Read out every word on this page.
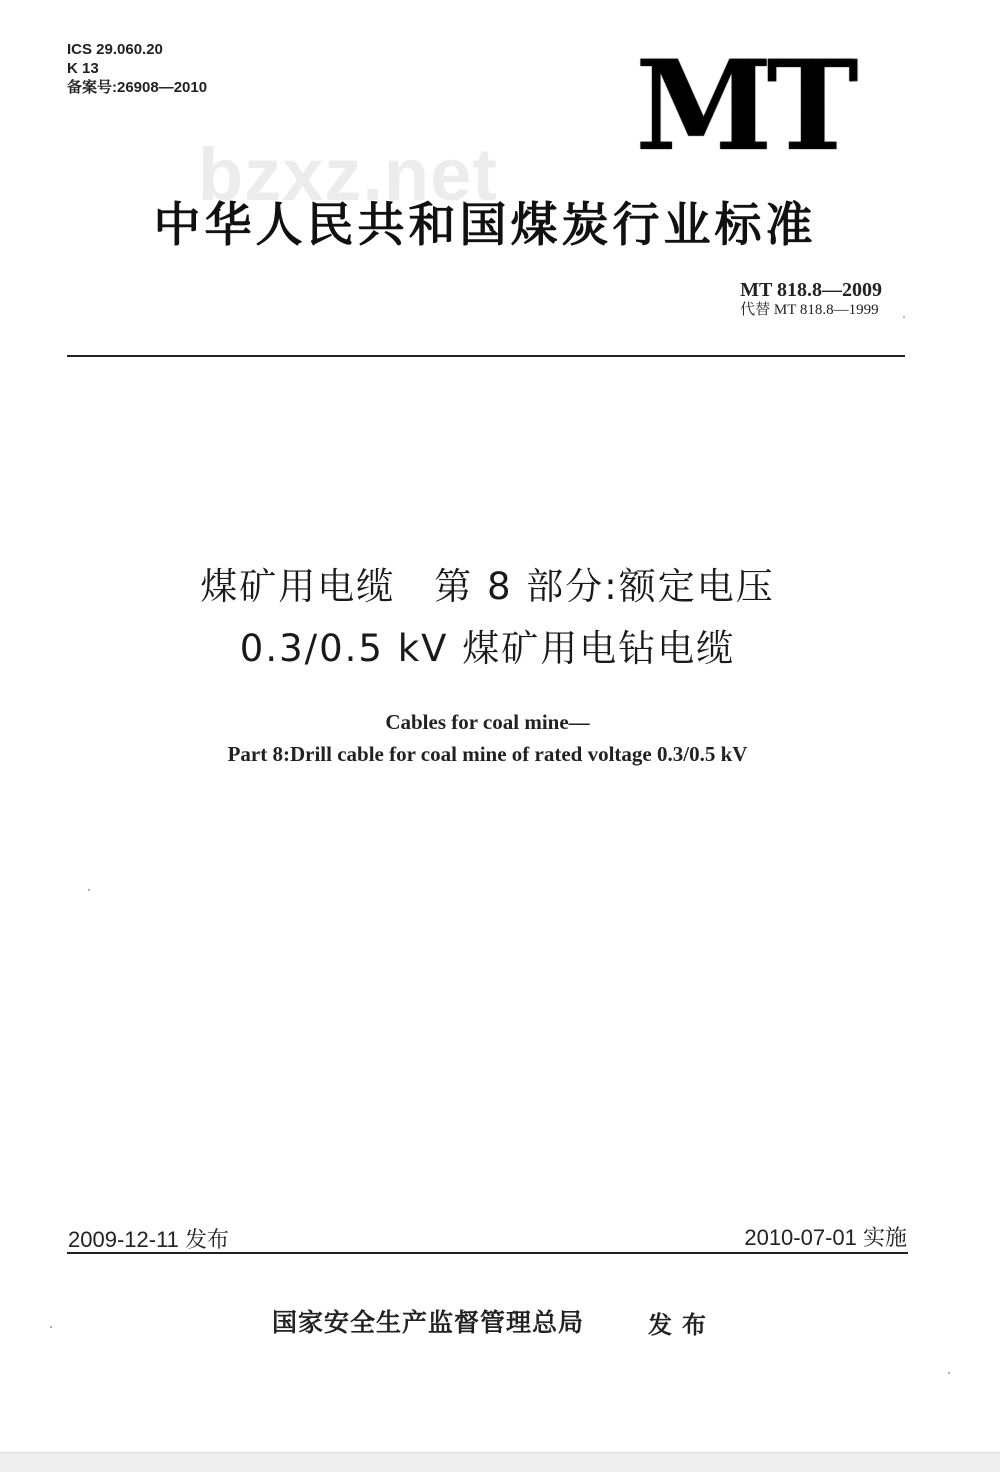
ICS 29.060.20
K 13
备案号:26908—2010	MT
bzxz.net
中华人民共和国煤炭行业标准
MT 818.8—2009
代替 MT 818.8—1999
煤矿用电缆　第 8 部分:额定电压
0.3/0.5 kV 煤矿用电钻电缆
Cables for coal mine—
Part 8:Drill cable for coal mine of rated voltage 0.3/0.5 kV
2009-12-11 发布	2010-07-01 实施
国家安全生产监督管理总局	发布
